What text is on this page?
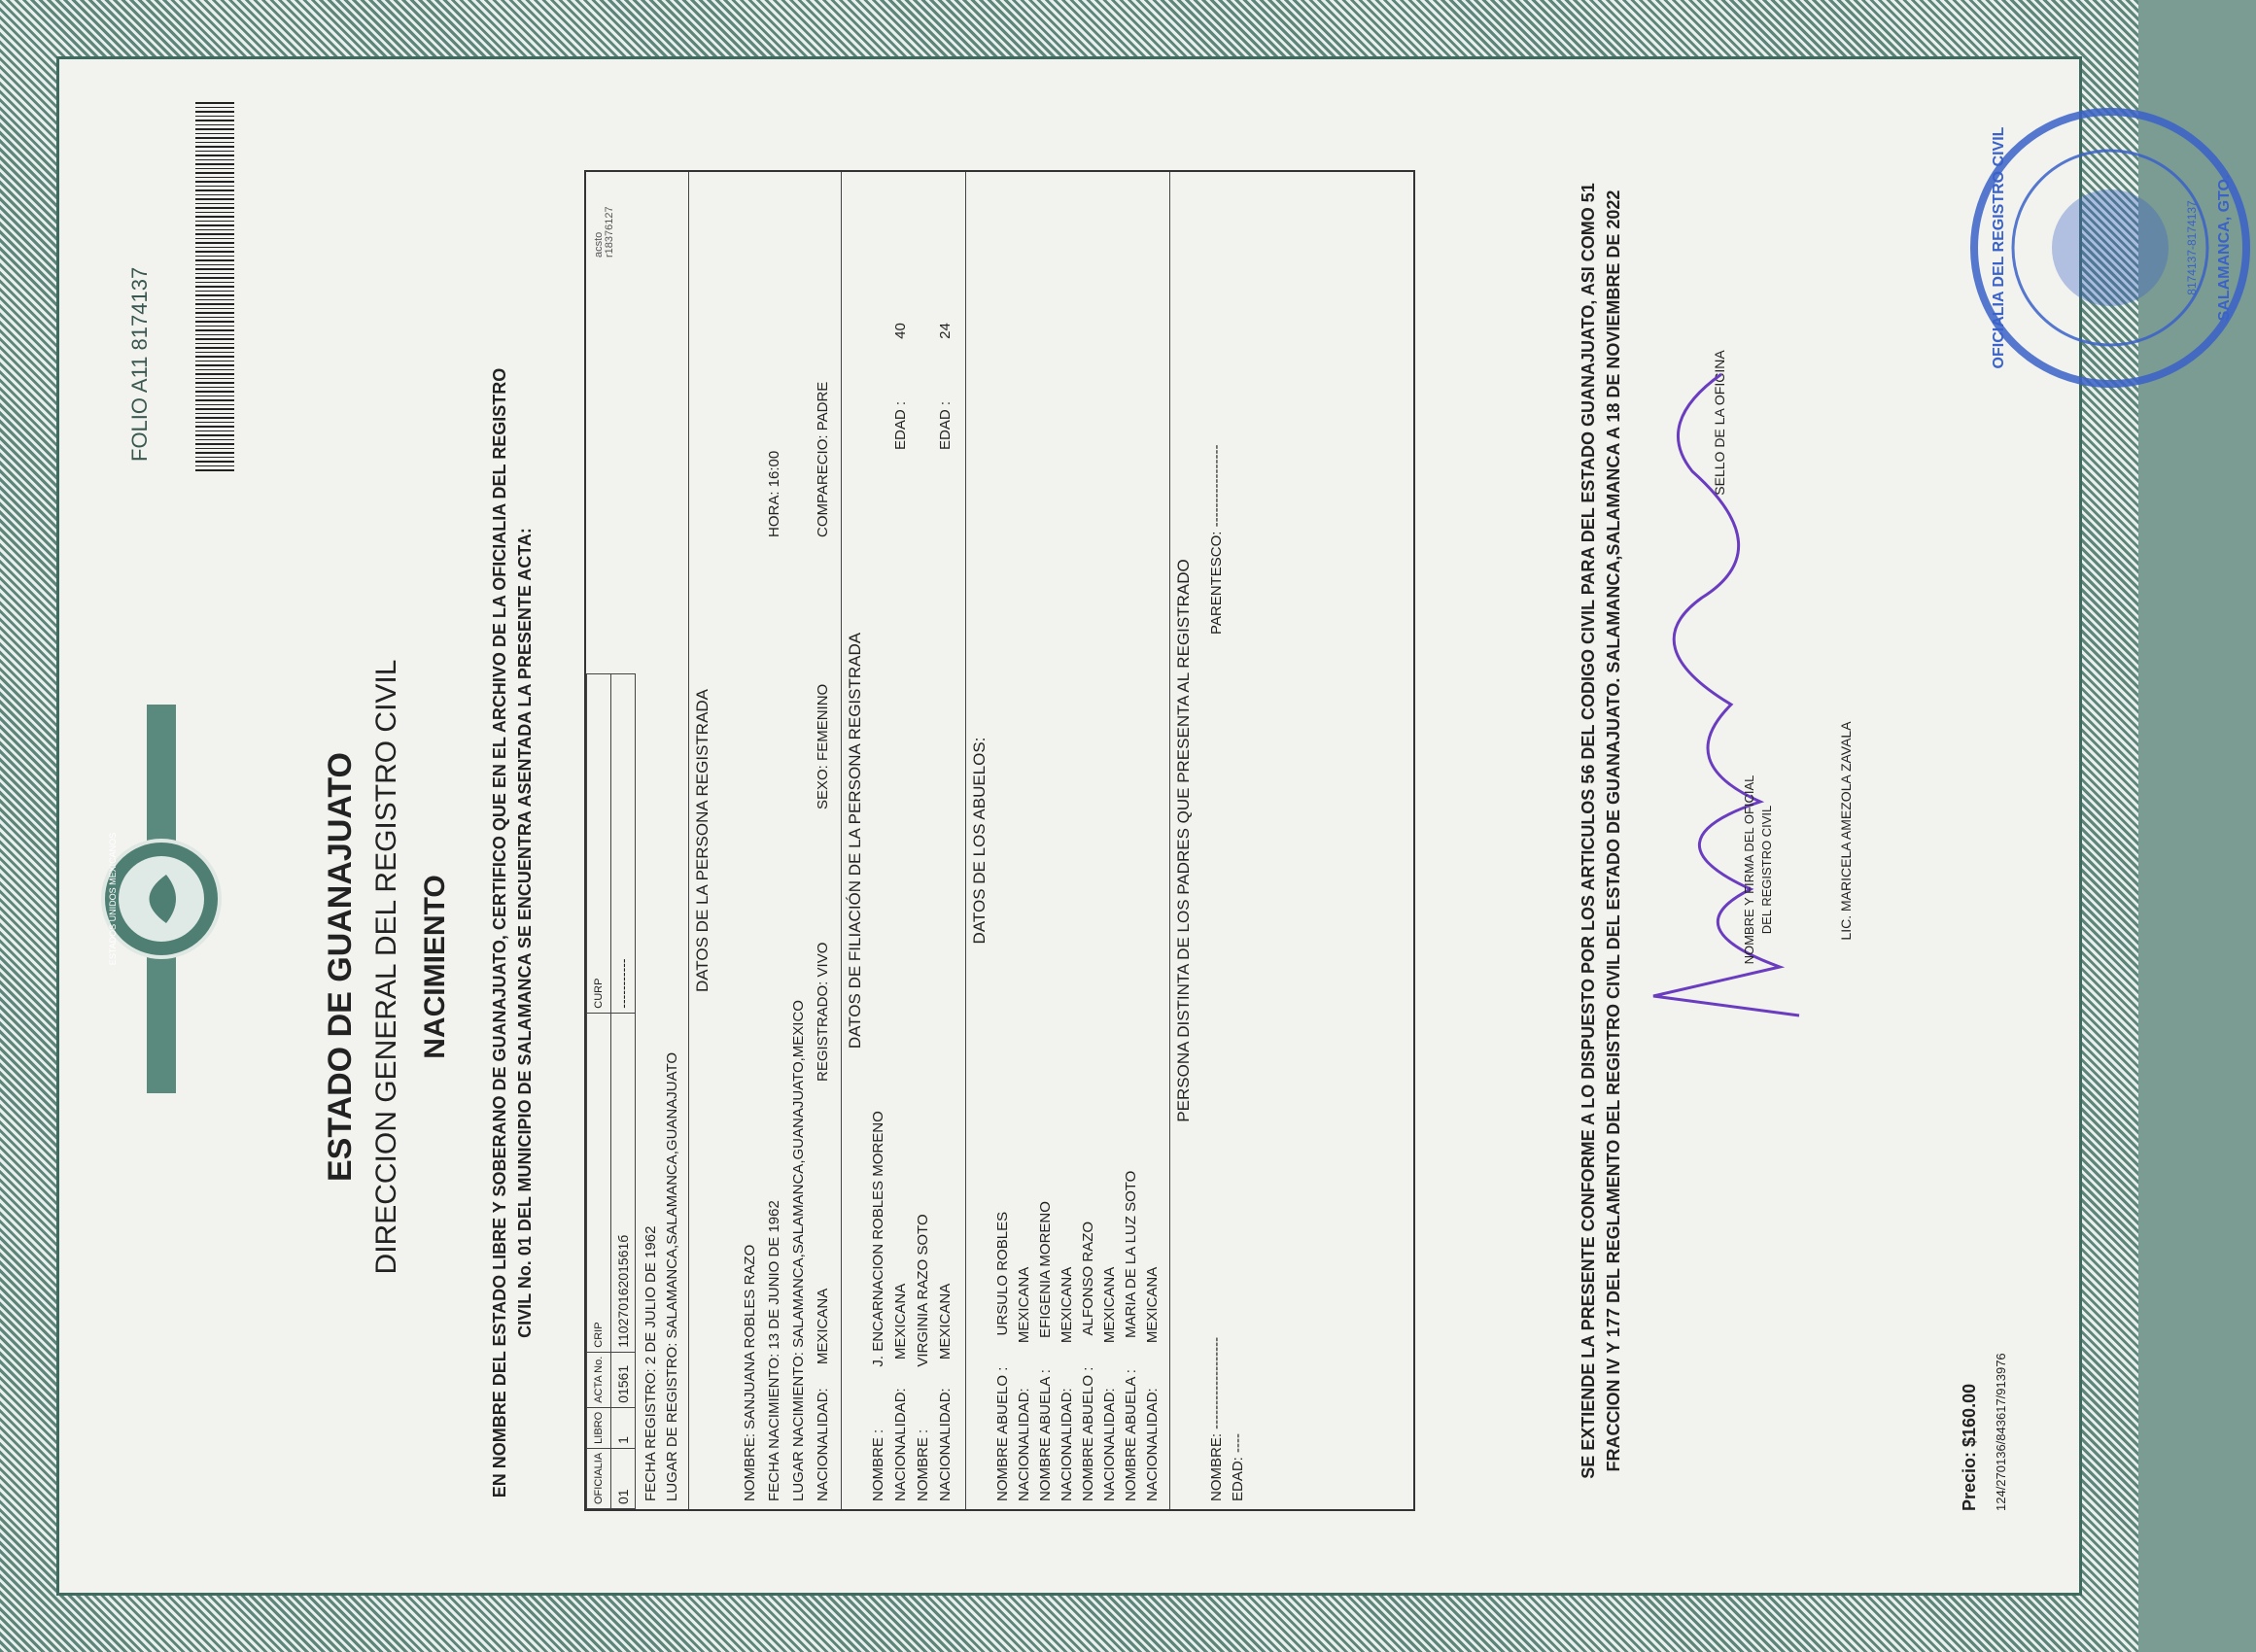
ESTADOS UNIDOS MEXICANOS
FOLIO A11 8174137
ESTADO DE GUANAJUATO DIRECCION GENERAL DEL REGISTRO CIVIL NACIMIENTO EN NOMBRE DEL ESTADO LIBRE Y SOBERANO DE GUANAJUATO, CERTIFICO QUE EN EL ARCHIVO DE LA OFICIALIA DEL REGISTRO CIVIL No. 01 DEL MUNICIPIO DE SALAMANCA SE ENCUENTRA ASENTADA LA PRESENTE ACTA:
OFICIALIA	LIBRO	ACTA No.	CRIP	CURP
01	1	01561	11027016201561б	-----------
FECHA REGISTRO: 2 DE JULIO DE 1962
LUGAR DE REGISTRO: SALAMANCA,SALAMANCA,GUANAJUATO
DATOS DE LA PERSONA REGISTRADA
NOMBRE: SANJUANA ROBLES RAZO FECHA NACIMIENTO: 13 DE JUNIO DE 1962
HORA: 16:00
LUGAR NACIMIENTO: SALAMANCA,SALAMANCA,GUANAJUATO,MEXICO
NACIONALIDAD: MEXICANA
REGISTRADO: VIVO
SEXO: FEMENINO
COMPARECIO: PADRE
DATOS DE FILIACIÓN DE LA PERSONA REGISTRADA
NOMBRE : J. ENCARNACION ROBLES MORENO
NACIONALIDAD: MEXICANA
EDAD : 40
NOMBRE : VIRGINIA RAZO SOTO
NACIONALIDAD: MEXICANA
EDAD : 24
DATOS DE LOS ABUELOS:
NOMBRE ABUELO : URSULO ROBLES
NACIONALIDAD: MEXICANA
NOMBRE ABUELA : EFIGENIA MORENO
NACIONALIDAD: MEXICANA
NOMBRE ABUELO : ALFONSO RAZO
NACIONALIDAD: MEXICANA
NOMBRE ABUELA : MARIA DE LA LUZ SOTO
NACIONALIDAD: MEXICANA
PERSONA DISTINTA DE LOS PADRES QUE PRESENTA AL REGISTRADO
NOMBRE: -------------------
PARENTESCO: -----------------
EDAD: ----	SE EXTIENDE LA PRESENTE CONFORME A LO DISPUESTO POR LOS ARTICULOS 56 DEL CODIGO CIVIL PARA DEL ESTADO GUANAJUATO, ASI COMO 51 FRACCION IV Y 177 DEL REGLAMENTO DEL REGISTRO CIVIL DEL ESTADO DE GUANAJUATO. SALAMANCA,SALAMANCA A 18 DE NOVIEMBRE DE 2022	SELLO DE LA OFICINA
OFICIALIA DEL REGISTRO CIVIL	SALAMANCA, GTO.
8174137-8174137
NOMBRE Y FIRMA DEL OFICIAL DEL REGISTRO CIVIL	LIC. MARICELA AMEZOLA ZAVALA
Precio: $160.00 124/270136/843617/913976
acsto r18376127
